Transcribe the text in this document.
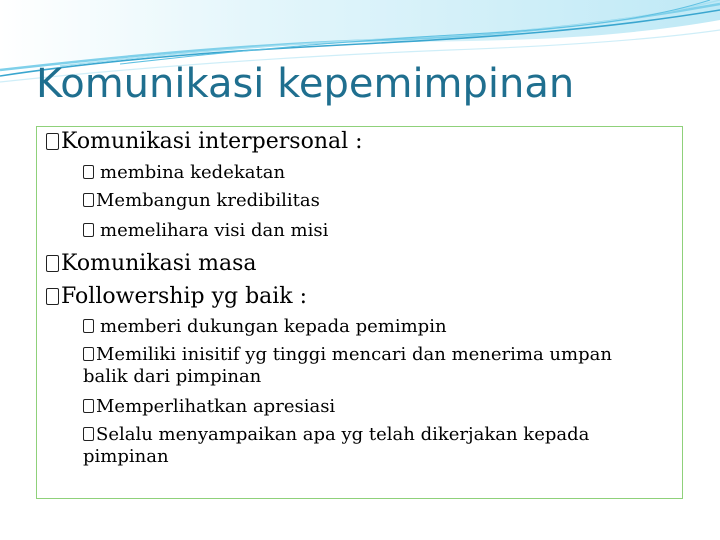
Komunikasi kepemimpinan
Komunikasi interpersonal :
membina kedekatan
Membangun kredibilitas
memelihara visi dan misi
Komunikasi masa
Followership yg baik :
memberi dukungan kepada pemimpin
Memiliki inisitif yg tinggi mencari dan menerima umpan balik dari pimpinan
Memperlihatkan apresiasi
Selalu menyampaikan apa yg telah dikerjakan kepada pimpinan
